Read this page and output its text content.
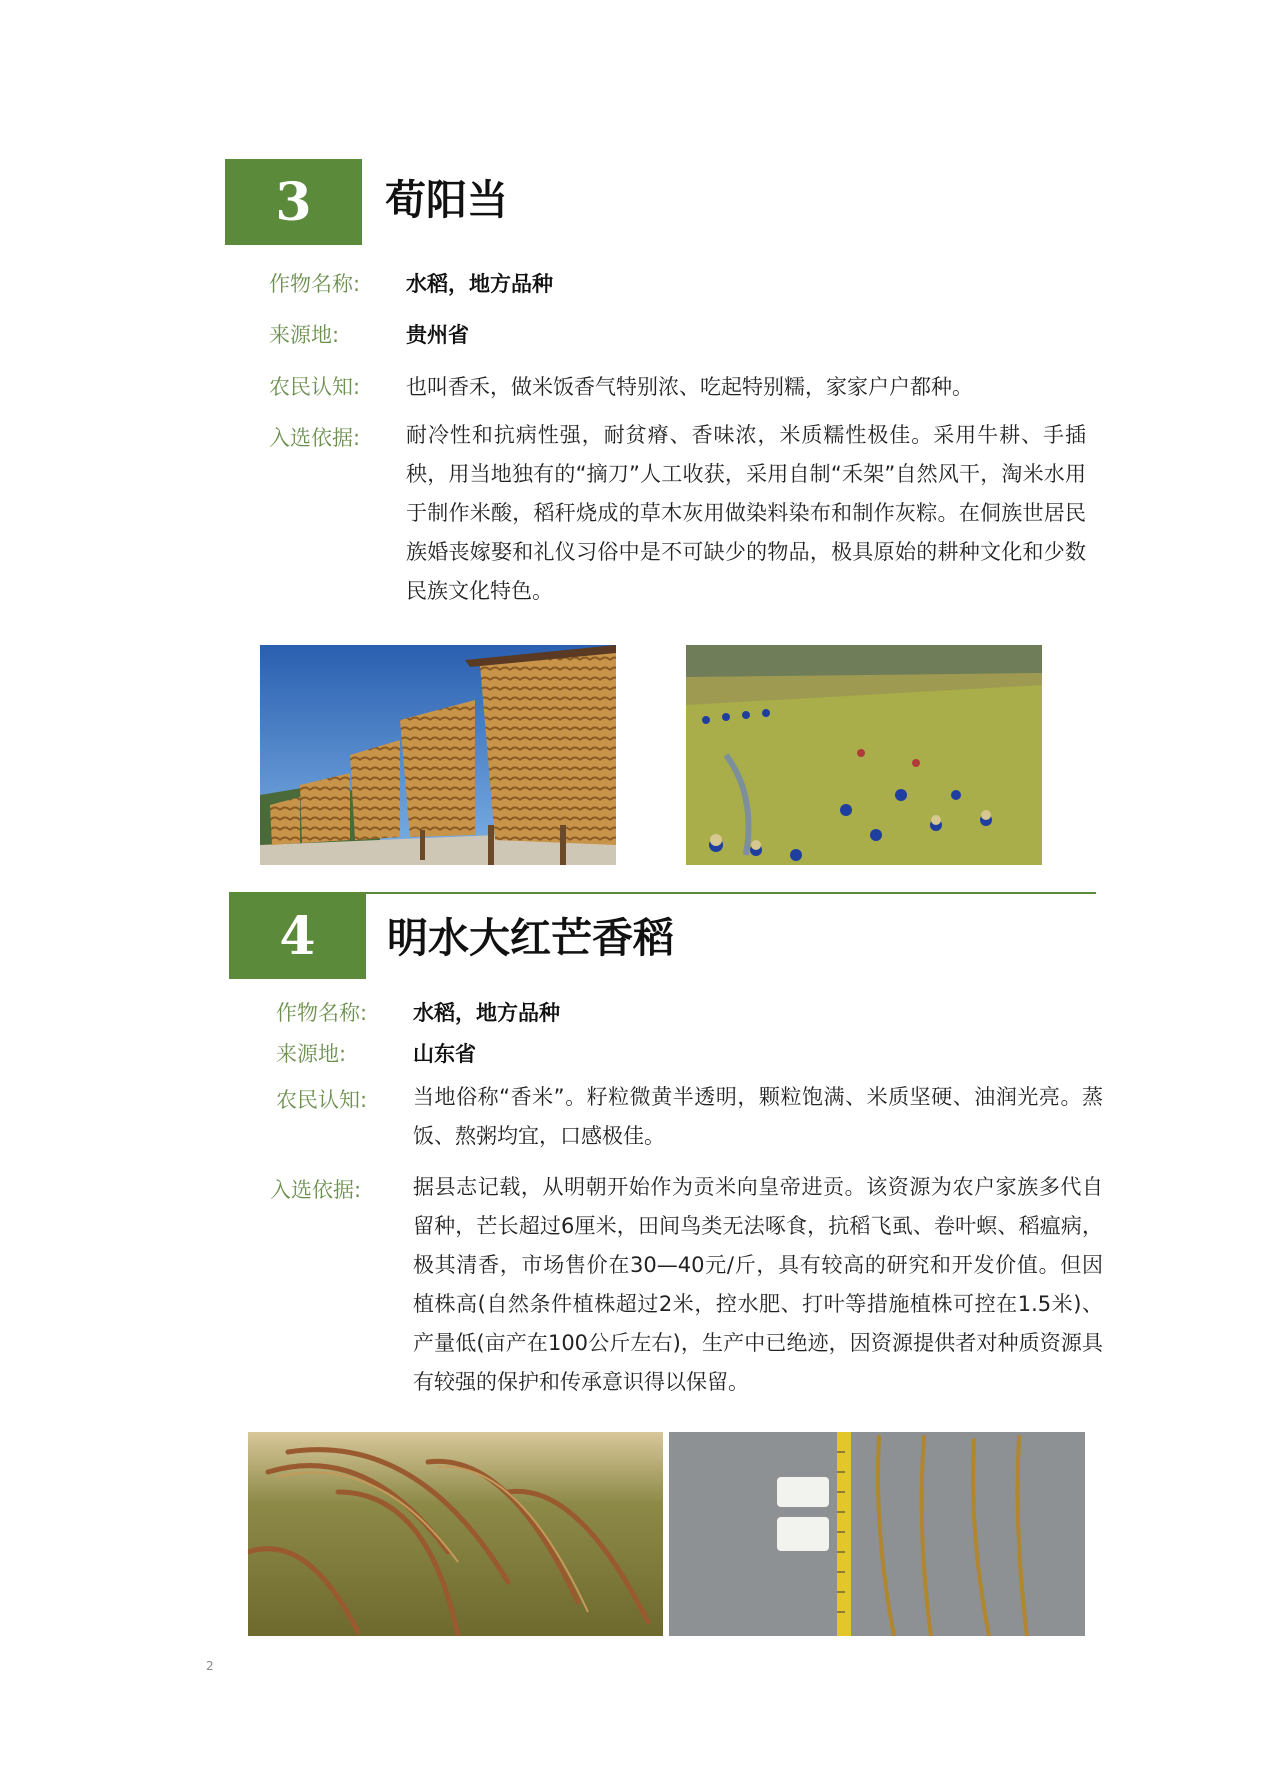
3	荀阳当
作物名称:	水稻，地方品种
来源地:	贵州省
农民认知:	也叫香禾，做米饭香气特别浓、吃起特别糯，家家户户都种。
入选依据:	耐冷性和抗病性强，耐贫瘠、香味浓，米质糯性极佳。采用牛耕、手插秧，用当地独有的“摘刀”人工收获，采用自制“禾架”自然风干，淘米水用于制作米酸，稻秆烧成的草木灰用做染料染布和制作灰粽。在侗族世居民族婚丧嫁娶和礼仪习俗中是不可缺少的物品，极具原始的耕种文化和少数民族文化特色。
4	明水大红芒香稻
作物名称:	水稻，地方品种
来源地:	山东省
农民认知:	当地俗称“香米”。籽粒微黄半透明，颗粒饱满、米质坚硬、油润光亮。蒸饭、熬粥均宜，口感极佳。
入选依据:	据县志记载，从明朝开始作为贡米向皇帝进贡。该资源为农户家族多代自留种，芒长超过6厘米，田间鸟类无法啄食，抗稻飞虱、卷叶螟、稻瘟病，极其清香，市场售价在30—40元/斤，具有较高的研究和开发价值。但因植株高(自然条件植株超过2米，控水肥、打叶等措施植株可控在1.5米)、产量低(亩产在100公斤左右)，生产中已绝迹，因资源提供者对种质资源具有较强的保护和传承意识得以保留。
2
